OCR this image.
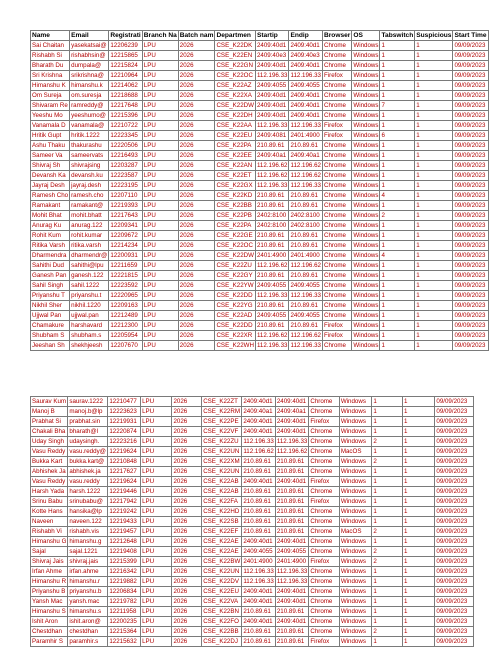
Name	Email	Registrati	Branch Na	Batch nam	Departmen	Startip	Endip	Browser	OS	Tabswitch	Suspicious	Start Time
Sai Chaitan	yasekatsai@	12206239	LPU	2026	CSE_K22DK	2409:40d1	2409:40d1	Chrome	Windows	1	1	09/09/2023
Rishabh Si	rishabhsin@	12215865	LPU	2026	CSE_K22EN	2409:40e3	2409:40e3	Chrome	Windows	1	1	09/09/2023
Bharath Du	dumpala@	12215824	LPU	2026	CSE_K22GN	2409:40d1	2409:40d1	Chrome	Windows	1	1	09/09/2023
Sri Krishna	srikrishna@	12210964	LPU	2026	CSE_K22OC	112.196.33	112.196.33	Firefox	Windows	1	1	09/09/2023
Himanshu K	himanshu.k	12214062	LPU	2026	CSE_K22AZ	2409:4055	2409:4055	Chrome	Windows	1	1	09/09/2023
Om Sureja	om.suresja	12218688	LPU	2026	CSE_K22XA	2409:40d1	2409:40d1	Chrome	Windows	1	1	09/09/2023
Shivaram Re	ramreddy@	12217648	LPU	2026	CSE_K22DW	2409:40d1	2409:40d1	Chrome	Windows	7	1	09/09/2023
Yeeshu Mo	yeeshumo@	12215396	LPU	2026	CSE_K22DH	2409:40d1	2409:40d1	Chrome	Windows	1	1	09/09/2023
Vanamala D	vanamala@	12210722	LPU	2026	CSE_K22AA	112.196.33	112.196.33	Firefox	Windows	1	1	09/09/2023
Hritik Gupt	hritik.1222	12223345	LPU	2026	CSE_K22EU	2409:4081	2401:4900	Firefox	Windows	6	1	09/09/2023
Ashu Thaku	thakurashu	12220506	LPU	2026	CSE_K22PA	210.89.61	210.89.61	Chrome	Windows	1	1	09/09/2023
Sameer Va	sameervats	12216493	LPU	2026	CSE_K22EE	2409:40a1	2409:40a1	Chrome	Windows	1	1	09/09/2023
Shivraj Sh	shivrajsing	12203287	LPU	2026	CSE_K22AN	112.196.62	112.196.62	Chrome	Windows	1	1	09/09/2023
Devansh Ka	devansh.ku	12223587	LPU	2026	CSE_K22ET	112.196.62	112.196.62	Chrome	Windows	1	1	09/09/2023
Jayraj Desh	jayraj.desh	12223195	LPU	2026	CSE_K22GX	112.196.33	112.196.33	Chrome	Windows	1	1	09/09/2023
Ramesh Cho	ramesh.cho	12207110	LPU	2026	CSE_K22KD	210.89.61	210.89.61	Chrome	Windows	4	1	09/09/2023
Ramakant	ramakant@	12219393	LPU	2026	CSE_K22BB	210.89.61	210.89.61	Chrome	Windows	1	1	09/09/2023
Mohit Bhat	mohit.bhatt	12217643	LPU	2026	CSE_K22PB	2402:8100	2402:8100	Chrome	Windows	2	1	09/09/2023
Anurag Ku	anurag.122	12209341	LPU	2026	CSE_K22PA	2402:8100	2402:8100	Chrome	Windows	1	1	09/09/2023
Rohit Kum	rohit.kumar	12209672	LPU	2026	CSE_K22GE	210.89.61	210.89.61	Chrome	Windows	1	1	09/09/2023
Ritika Varsh	ritika.varsh	12214234	LPU	2026	CSE_K22OC	210.89.61	210.89.61	Chrome	Windows	1	1	09/09/2023
Dharmendra	dharmendr@	12200931	LPU	2026	CSE_K22DW	2401:4900	2401:4900	Chrome	Windows	4	1	09/09/2023
Sahithi Dud	sahithi@lpu	12211659	LPU	2026	CSE_K22ZU	112.196.62	112.196.62	Chrome	Windows	1	1	09/09/2023
Ganesh Pan	ganesh.122	12221815	LPU	2026	CSE_K22GY	210.89.61	210.89.61	Chrome	Windows	1	1	09/09/2023
Sahil Singh	sahil.1222	12223592	LPU	2026	CSE_K22YW	2409:4055	2409:4055	Chrome	Windows	1	1	09/09/2023
Priyanshu T	priyanshu.t	12220965	LPU	2026	CSE_K22DD	112.196.33	112.196.33	Chrome	Windows	1	1	09/09/2023
Nikhil Sher	nikhil.1220	12209163	LPU	2026	CSE_K22YG	210.89.61	210.89.61	Chrome	Windows	1	1	09/09/2023
Ujjwal Pan	ujjwal.pan	12212489	LPU	2026	CSE_K22AD	2409:4055	2409:4055	Chrome	Windows	1	1	09/09/2023
Chamakure	harshavard	12212300	LPU	2026	CSE_K22DD	210.89.61	210.89.61	Firefox	Windows	1	1	09/09/2023
Shubham S	shubham.s	12205954	LPU	2026	CSE_K22XR	112.196.62	112.196.62	Firefox	Windows	1	1	09/09/2023
Jeeshan Sh	shekhjeesh	12207670	LPU	2026	CSE_K22WH	112.196.33	112.196.33	Chrome	Windows	1	1	09/09/2023
Saurav Kum	saurav.1222	12210477	LPU	2026	CSE_K22ZT	2409:40d1	2409:40d1	Chrome	Windows	1	1	09/09/2023
Manoj B	manoj.b@lp	12223623	LPU	2026	CSE_K22RM	2409:40a1	2409:40a1	Chrome	Windows	1	1	09/09/2023
Prabhat Si	prabhat.sin	12219931	LPU	2026	CSE_K22PE	2409:40d1	2409:40d1	Firefox	Windows	1	1	09/09/2023
Chakali Bha	bharath@l	12220874	LPU	2026	CSE_K22VF	2409:40d1	2409:40d1	Chrome	Windows	1	1	09/09/2023
Uday Singh	udaysingh.	12223216	LPU	2026	CSE_K22ZU	112.196.33	112.196.33	Chrome	Windows	2	1	09/09/2023
Vasu Reddy	vasu.reddy@	12219624	LPU	2026	CSE_K22UN	112.196.62	112.196.62	Chrome	MacOS	1	1	09/09/2023
Bukka Kart	bukka.kart@	12210848	LPU	2026	CSE_K22XM	210.89.61	210.89.61	Chrome	Windows	2	1	09/09/2023
Abhishek Ja	abhishek.ja	12217627	LPU	2026	CSE_K22UN	210.89.61	210.89.61	Chrome	Windows	1	1	09/09/2023
Vasu Reddy	vasu.reddy	12219624	LPU	2026	CSE_K22AB	2409:40d1	2409:40d1	Firefox	Windows	1	1	09/09/2023
Harsh Yada	harsh.1222	12219446	LPU	2026	CSE_K22AB	210.89.61	210.89.61	Chrome	Windows	1	1	09/09/2023
Srinu Babu	srinubabu@	12217942	LPU	2026	CSE_K22FA	210.89.61	210.89.61	Firefox	Windows	1	1	09/09/2023
Kotte Hans	hansika@lp	12219242	LPU	2026	CSE_K22HD	210.89.61	210.89.61	Chrome	Windows	1	1	09/09/2023
Naveen	naveen.122	12219433	LPU	2026	CSE_K22SB	210.89.61	210.89.61	Chrome	Windows	1	1	09/09/2023
Rishabh Vi	rishabh.vis	12219457	LPU	2026	CSE_K22EF	210.89.61	210.89.61	Chrome	MacOS	2	1	09/09/2023
Himanshu G	himanshu.g	12212648	LPU	2026	CSE_K22AE	2409:40d1	2409:40d1	Chrome	Windows	1	1	09/09/2023
Sajal	sajal.1221	12219408	LPU	2026	CSE_K22AE	2409:4055	2409:4055	Chrome	Windows	2	1	09/09/2023
Shivraj Jais	shivraj.jais	12215399	LPU	2026	CSE_K22BW	2401:4900	2401:4900	Firefox	Windows	2	1	09/09/2023
Irfan Ahme	irfan.ahme	12216342	LPU	2026	CSE_K22UN	112.196.33	112.196.33	Chrome	Windows	1	1	09/09/2023
Himanshu R	himanshu.r	12219882	LPU	2026	CSE_K22DV	112.196.33	112.196.33	Chrome	Windows	1	1	09/09/2023
Priyanshu B	priyanshu.b	12206834	LPU	2026	CSE_K22EU	2409:40d1	2409:40d1	Chrome	Windows	1	1	09/09/2023
Yansh Mac	yansh.mac	12219782	LPU	2026	CSE_K22VA	2409:40d1	2409:40d1	Chrome	Windows	1	1	09/09/2023
Himanshu S	himanshu.s	12211958	LPU	2026	CSE_K22BN	210.89.61	210.89.61	Chrome	Windows	1	1	09/09/2023
Ishit Aron	ishit.aron@	12200235	LPU	2026	CSE_K22FO	2409:40d1	2409:40d1	Chrome	Windows	1	1	09/09/2023
Chestdhan	chestdhan	12215364	LPU	2026	CSE_K22BB	210.89.61	210.89.61	Chrome	Windows	2	1	09/09/2023
Paramhir S	paramhir.s	12215632	LPU	2026	CSE_K22DJ	210.89.61	210.89.61	Firefox	Windows	1	1	09/09/2023
